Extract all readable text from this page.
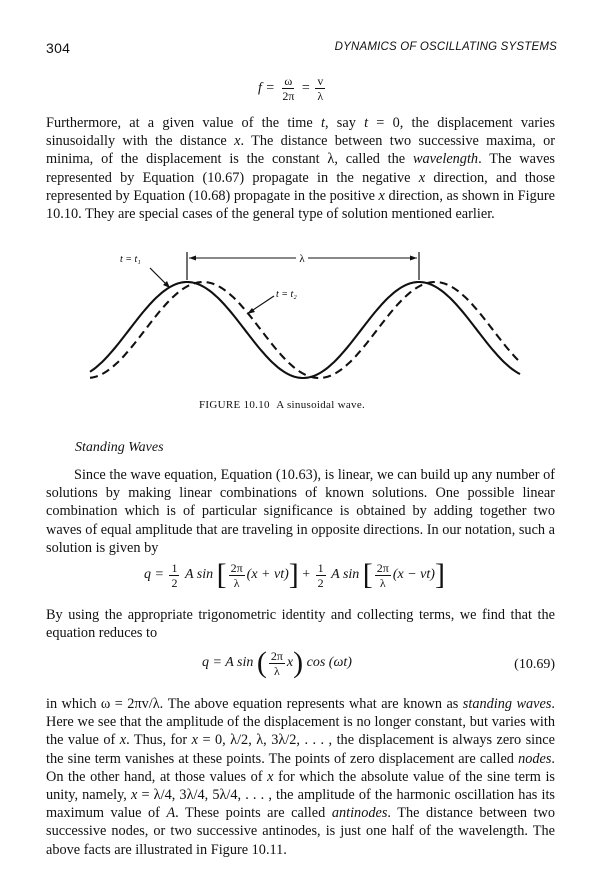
304	DYNAMICS OF OSCILLATING SYSTEMS
$f = \frac{\omega}{2\pi} = \frac{v}{\lambda}$

Furthermore, at a given value of the time t, say t = 0, the displacement varies sinusoidally with the distance x. The distance between two successive maxima, or minima, of the displacement is the constant λ, called the wavelength. The waves represented by Equation (10.67) propagate in the negative x direction, and those represented by Equation (10.68) propagate in the positive x direction, as shown in Figure 10.10. They are special cases of the general type of solution mentioned earlier.

λ
t = t₁
t = t₂
FIGURE 10.10 A sinusoidal wave.
Standing Waves

Since the wave equation, Equation (10.63), is linear, we can build up any number of solutions by making linear combinations of known solutions. One possible linear combination which is of particular significance is obtained by adding together two waves of equal amplitude that are traveling in opposite directions. In our notation, such a solution is given by

$q = \frac{1}{2}$ A sin [ $\frac{2\pi}{\lambda} (x + vt)] + \frac{1}{2}$ A sin [ $\frac{2\pi}{\lambda} (x - vt)$]

By using the appropriate trigonometric identity and collecting terms, we find that the equation reduces to

q = A sin ( $\frac{2\pi}{\lambda} x$) cos (ωt)	(10.69)

in which ω = 2πv/λ. The above equation represents what are known as standing waves. Here we see that the amplitude of the displacement is no longer constant, but varies with the value of x. Thus, for x = 0, λ/2, λ, 3λ/2, . . . , the displacement is always zero since the sine term vanishes at these points. The points of zero displacement are called nodes. On the other hand, at those values of x for which the absolute value of the sine term is unity, namely, x = λ/4, 3λ/4, 5λ/4, . . . , the amplitude of the harmonic oscillation has its maximum value of A. These points are called antinodes. The distance between two successive nodes, or two successive antinodes, is just one half of the wavelength. The above facts are illustrated in Figure 10.11.
